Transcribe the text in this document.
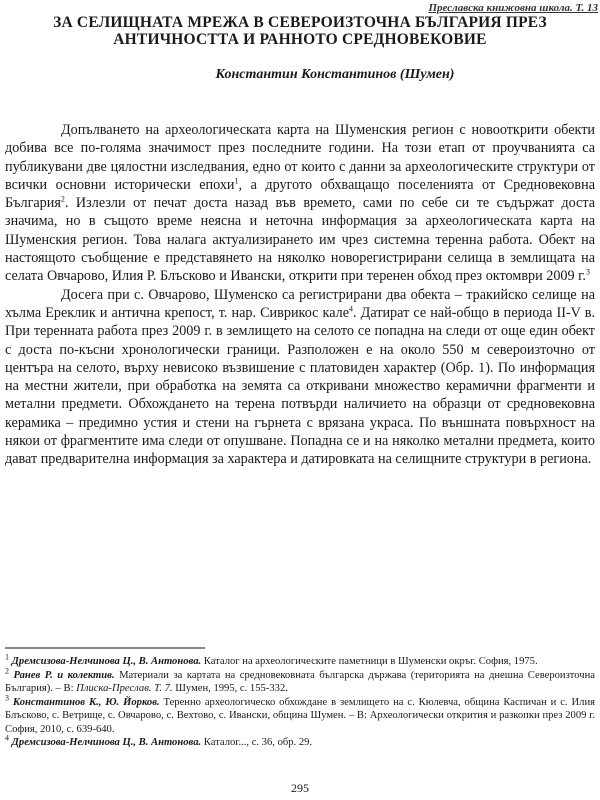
Преславска книжовна школа. Т. 13
ЗА СЕЛИЩНАТА МРЕЖА В СЕВЕРОИЗТОЧНА БЪЛГАРИЯ ПРЕЗ
АНТИЧНОСТТА И РАННОТО СРЕДНОВЕКОВИЕ
Константин Константинов (Шумен)

Допълването на археологическата карта на Шуменския регион с новооткрити обекти добива все по-голяма значимост през последните години. На този етап от проучванията са публикувани две цялостни изследвания, едно от които с данни за археологическите структури от всички основни исторически епохи$^1$, а другото обхващащо поселенията от Средновековна България$^2$. Излезли от печат доста назад във времето, сами по себе си те съдържат доста значима, но в същото време неясна и неточна информация за археологическата карта на Шуменския регион. Това налага актуализирането им чрез системна теренна работа. Обект на настоящото съобщение е представянето на няколко новорегистрирани селища в землищата на селата Овчарово, Илия Р. Блъсково и Ивански, открити при теренен обход през октомври 2009 г.$^3$

Досега при с. Овчарово, Шуменско са регистрирани два обекта – тракийско селище на хълма Ереклик и антична крепост, т. нар. Сиврикос кале$^4$. Датират се най-общо в периода II-V в. При теренната работа през 2009 г. в землището на селото се попадна на следи от още един обект с доста по-късни хронологически граници. Разположен е на около 550 м североизточно от центъра на селото, върху невисоко възвишение с платовиден характер (Обр. 1). По информация на местни жители, при обработка на земята са откривани множество керамични фрагменти и метални предмети. Обхождането на терена потвърди наличието на образци от средновековна керамика – предимно устия и стени на гърнета с врязана украса. По външната повърхност на някои от фрагментите има следи от опушване. Попадна се и на няколко метални предмета, които дават предварителна информация за характера и датировката на селищните структури в региона.

$^1$ Дремсизова-Нелчинова Ц., В. Антонова. Каталог на археологическите паметници в Шуменски окръг. София, 1975.

$^2$ Ранев Р. и колектив. Материали за картата на средновековната българска държава (територията на днешна Североизточна България). – В: Плиска-Преслав. Т. 7. Шумен, 1995, с. 155-332.

$^3$ Константинов К., Ю. Йорков. Теренно археологическо обхождане в землището на с. Кюлевча, община Каспичан и с. Илия Блъсково, с. Ветрище, с. Овчарово, с. Вехтово, с. Ивански, община Шумен. – В: Археологически открития и разкопки през 2009 г. София, 2010, с. 639-640.

$^4$ Дремсизова-Нелчинова Ц., В. Антонова. Каталог..., с. 36, обр. 29.

295
